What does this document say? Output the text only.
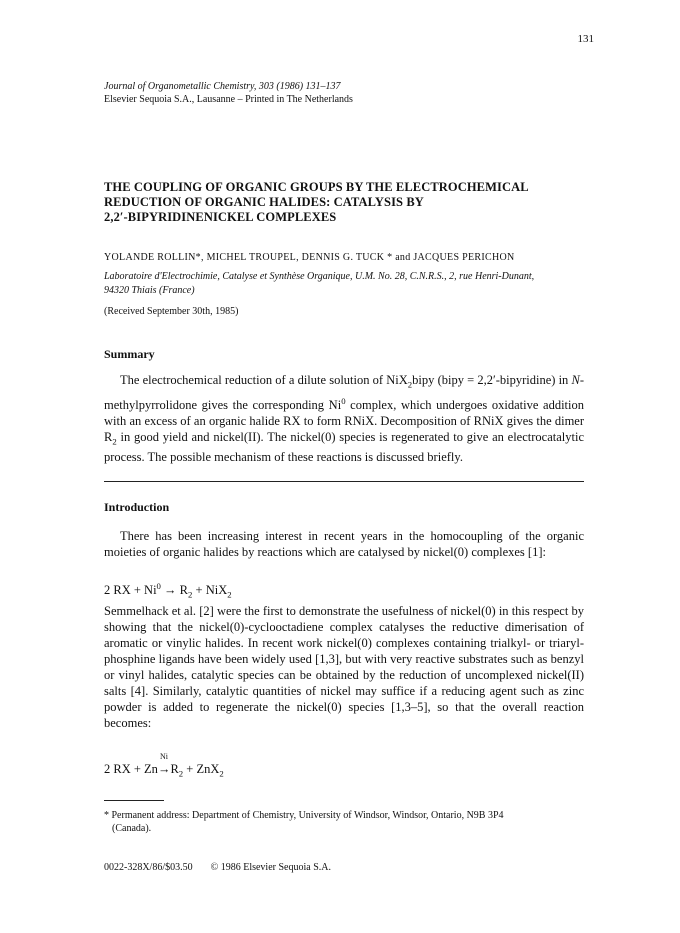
131
Journal of Organometallic Chemistry, 303 (1986) 131–137
Elsevier Sequoia S.A., Lausanne – Printed in The Netherlands
THE COUPLING OF ORGANIC GROUPS BY THE ELECTROCHEMICAL
REDUCTION OF ORGANIC HALIDES: CATALYSIS BY
2,2′-BIPYRIDINENICKEL COMPLEXES
YOLANDE ROLLIN*, MICHEL TROUPEL, DENNIS G. TUCK * and JACQUES PERICHON
Laboratoire d'Electrochimie, Catalyse et Synthèse Organique, U.M. No. 28, C.N.R.S., 2, rue Henri-Dunant,
94320 Thiais (France)
(Received September 30th, 1985)
Summary

The electrochemical reduction of a dilute solution of NiX$_2$bipy (bipy = 2,2′-bipyridine) in N-methylpyrrolidone gives the corresponding Ni$^0$ complex, which undergoes oxidative addition with an excess of an organic halide RX to form RNiX. Decomposition of RNiX gives the dimer $R_2$ in good yield and nickel(II). The nickel(0) species is regenerated to give an electrocatalytic process. The possible mechanism of these reactions is discussed briefly.

Introduction

There has been increasing interest in recent years in the homocoupling of the organic moieties of organic halides by reactions which are catalysed by nickel(0) complexes [1]:

2 RX + $Ni^0 \to R_2 + NiX_2$

Semmelhack et al. [2] were the first to demonstrate the usefulness of nickel(0) in this respect by showing that the nickel(0)-cyclooctadiene complex catalyses the reductive dimerisation of aromatic or vinylic halides. In recent work nickel(0) complexes containing trialkyl- or triaryl-phosphine ligands have been widely used [1,3], but with very reactive substrates such as benzyl or vinyl halides, catalytic species can be obtained by the reduction of uncomplexed nickel(II) salts [4]. Similarly, catalytic quantities of nickel may suffice if a reducing agent such as zinc powder is added to regenerate the nickel(0) species [1,3–5], so that the overall reaction becomes:

2 RX + Zn
Ni
$\to R_2 + ZnX_2$
* Permanent address: Department of Chemistry, University of Windsor, Windsor, Ontario, N9B 3P4
(Canada).
0022-328X/86/$03.50 © 1986 Elsevier Sequoia S.A.
